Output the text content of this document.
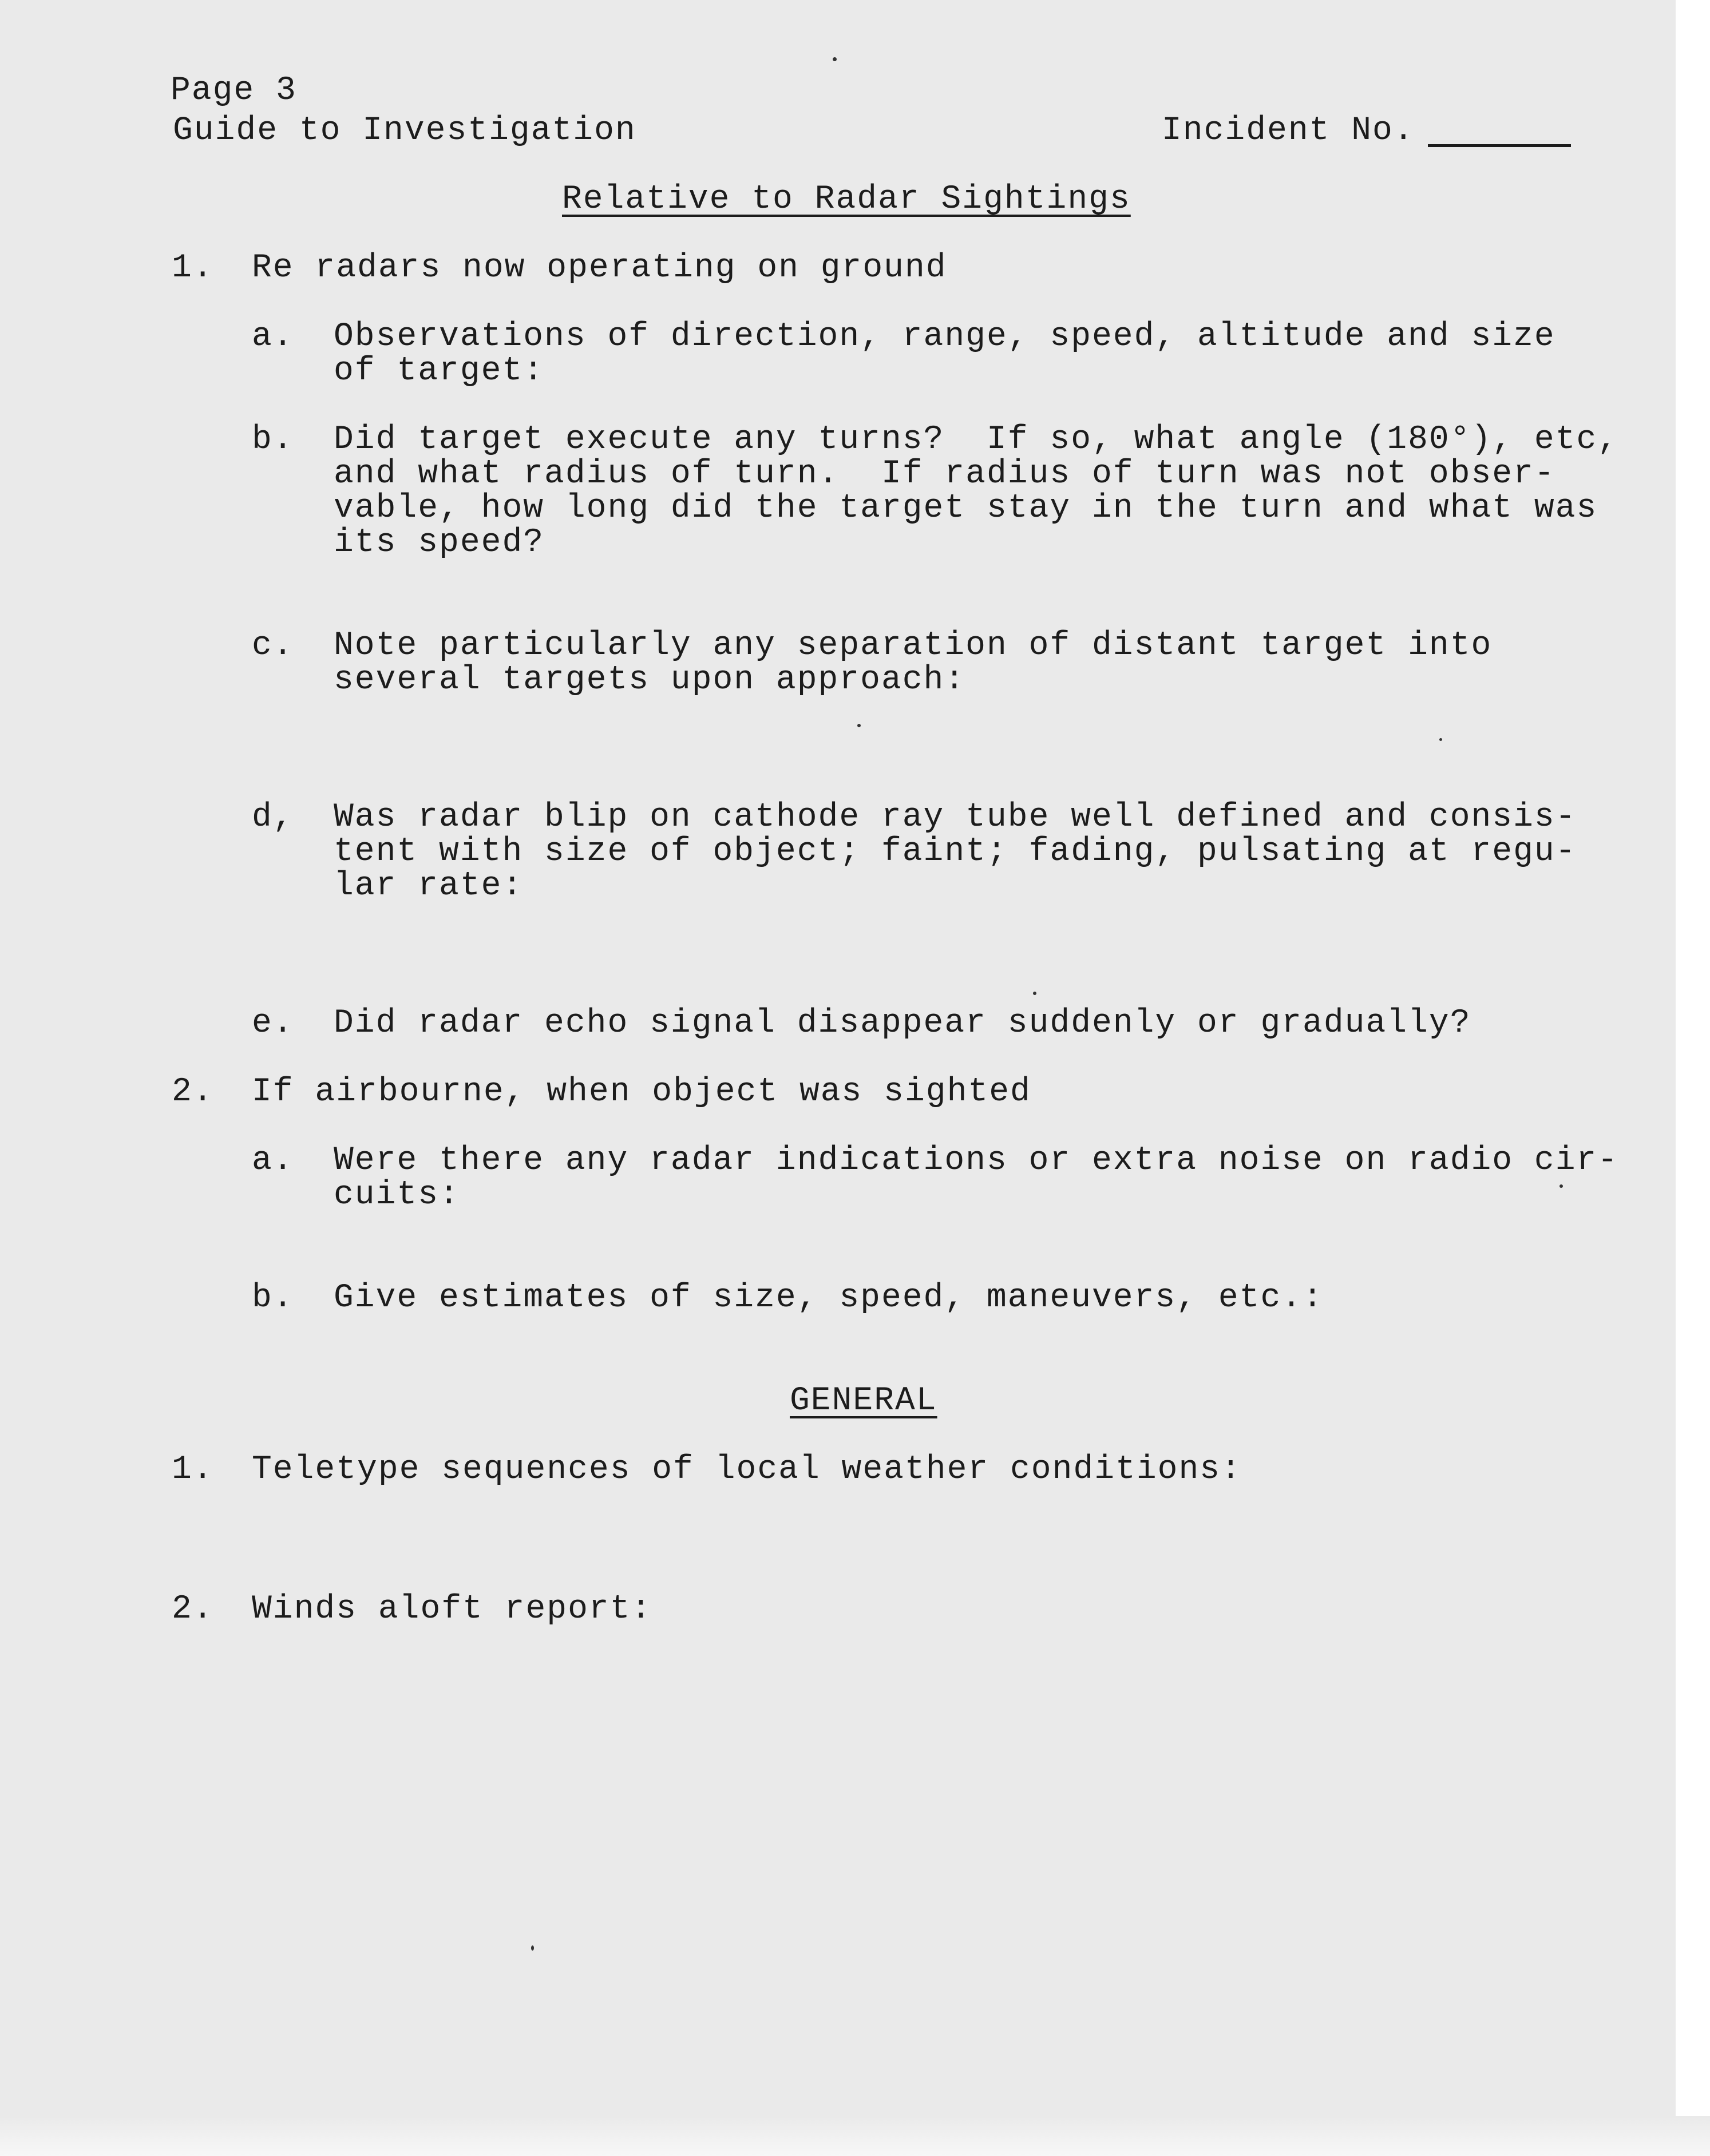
Page 3
Guide to Investigation	Incident No.
Relative to Radar Sightings
1. Re radars now operating on ground
a. Observations of direction, range, speed, altitude and size
of target:
b. Did target execute any turns?  If so, what angle (180°), etc,
and what radius of turn.  If radius of turn was not obser-
vable, how long did the target stay in the turn and what was
its speed?
c. Note particularly any separation of distant target into
several targets upon approach:
d, Was radar blip on cathode ray tube well defined and consis-
tent with size of object; faint; fading, pulsating at regu-
lar rate:
e. Did radar echo signal disappear suddenly or gradually?
2. If airbourne, when object was sighted
a. Were there any radar indications or extra noise on radio cir-
cuits:
b. Give estimates of size, speed, maneuvers, etc.:
GENERAL
1. Teletype sequences of local weather conditions:
2. Winds aloft report:
